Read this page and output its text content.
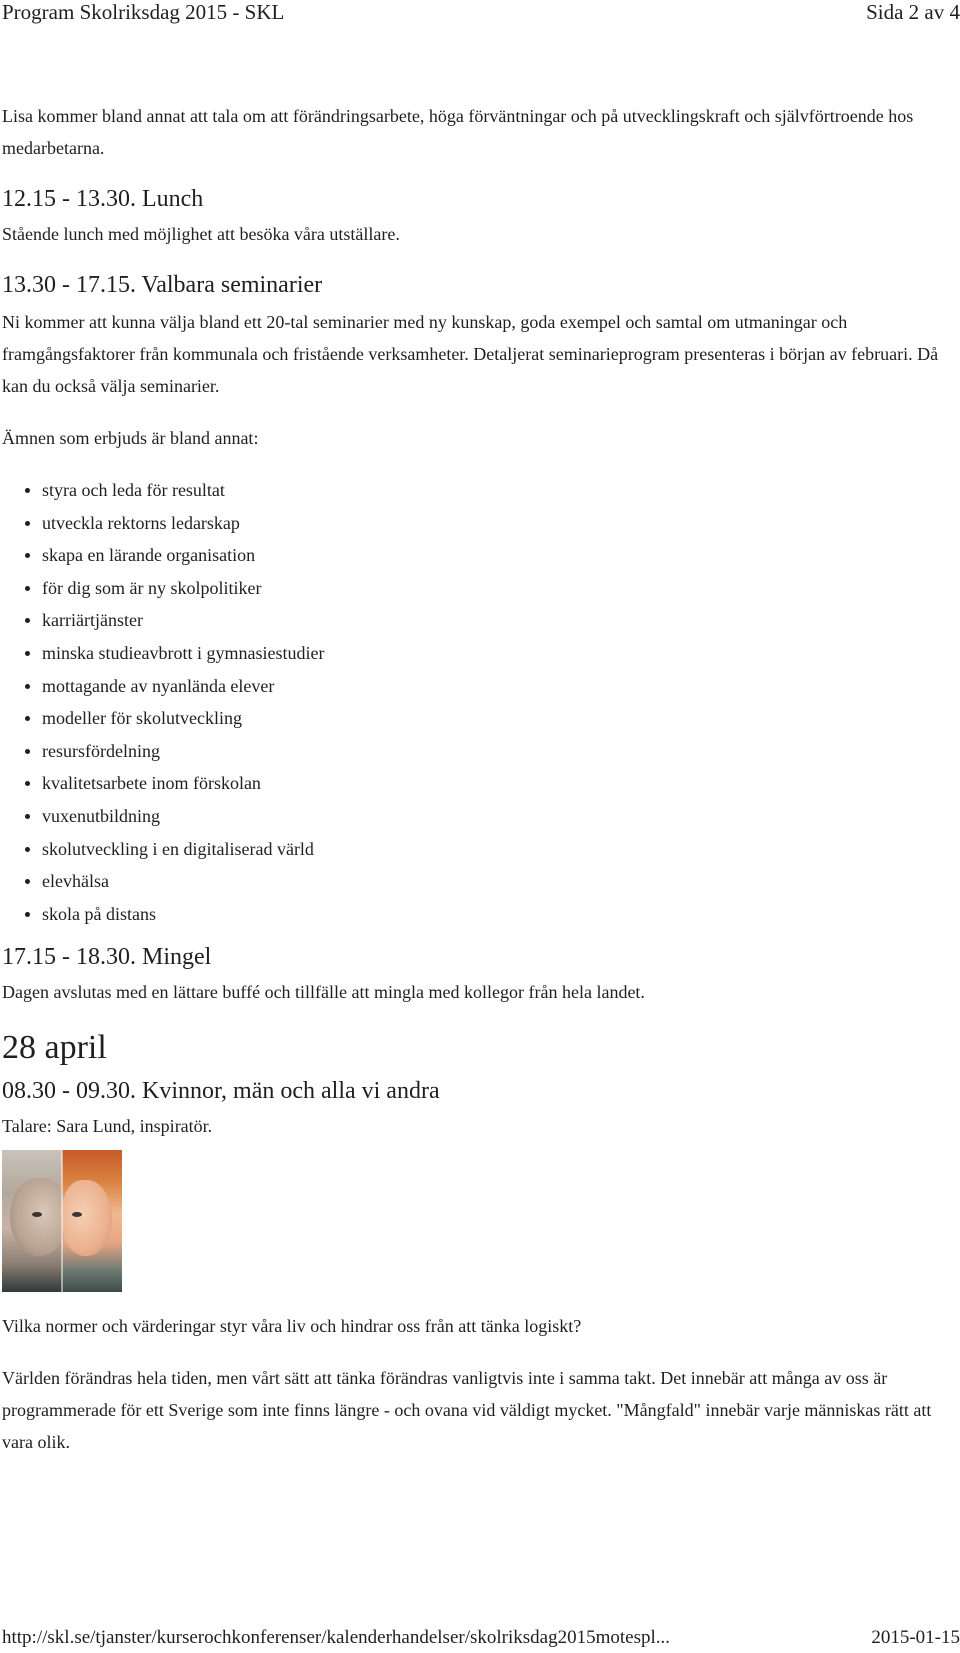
Program Skolriksdag 2015 - SKL	Sida 2 av 4

Lisa kommer bland annat att tala om att förändringsarbete, höga förväntningar och på utvecklingskraft och självförtroende hos medarbetarna.

12.15 - 13.30. Lunch

Stående lunch med möjlighet att besöka våra utställare.

13.30 - 17.15. Valbara seminarier

Ni kommer att kunna välja bland ett 20-tal seminarier med ny kunskap, goda exempel och samtal om utmaningar och framgångsfaktorer från kommunala och fristående verksamheter. Detaljerat seminarieprogram presenteras i början av februari. Då kan du också välja seminarier.

Ämnen som erbjuds är bland annat:

styra och leda för resultat
utveckla rektorns ledarskap
skapa en lärande organisation
för dig som är ny skolpolitiker
karriärtjänster
minska studieavbrott i gymnasiestudier
mottagande av nyanlända elever
modeller för skolutveckling
resursfördelning
kvalitetsarbete inom förskolan
vuxenutbildning
skolutveckling i en digitaliserad värld
elevhälsa
skola på distans
17.15 - 18.30. Mingel

Dagen avslutas med en lättare buffé och tillfälle att mingla med kollegor från hela landet.

28 april
08.30 - 09.30. Kvinnor, män och alla vi andra

Talare: Sara Lund, inspiratör.

Vilka normer och värderingar styr våra liv och hindrar oss från att tänka logiskt?

Världen förändras hela tiden, men vårt sätt att tänka förändras vanligtvis inte i samma takt. Det innebär att många av oss är programmerade för ett Sverige som inte finns längre - och ovana vid väldigt mycket. "Mångfald" innebär varje människas rätt att vara olik.

http://skl.se/tjanster/kurserochkonferenser/kalenderhandelser/skolriksdag2015motespl...	2015-01-15
